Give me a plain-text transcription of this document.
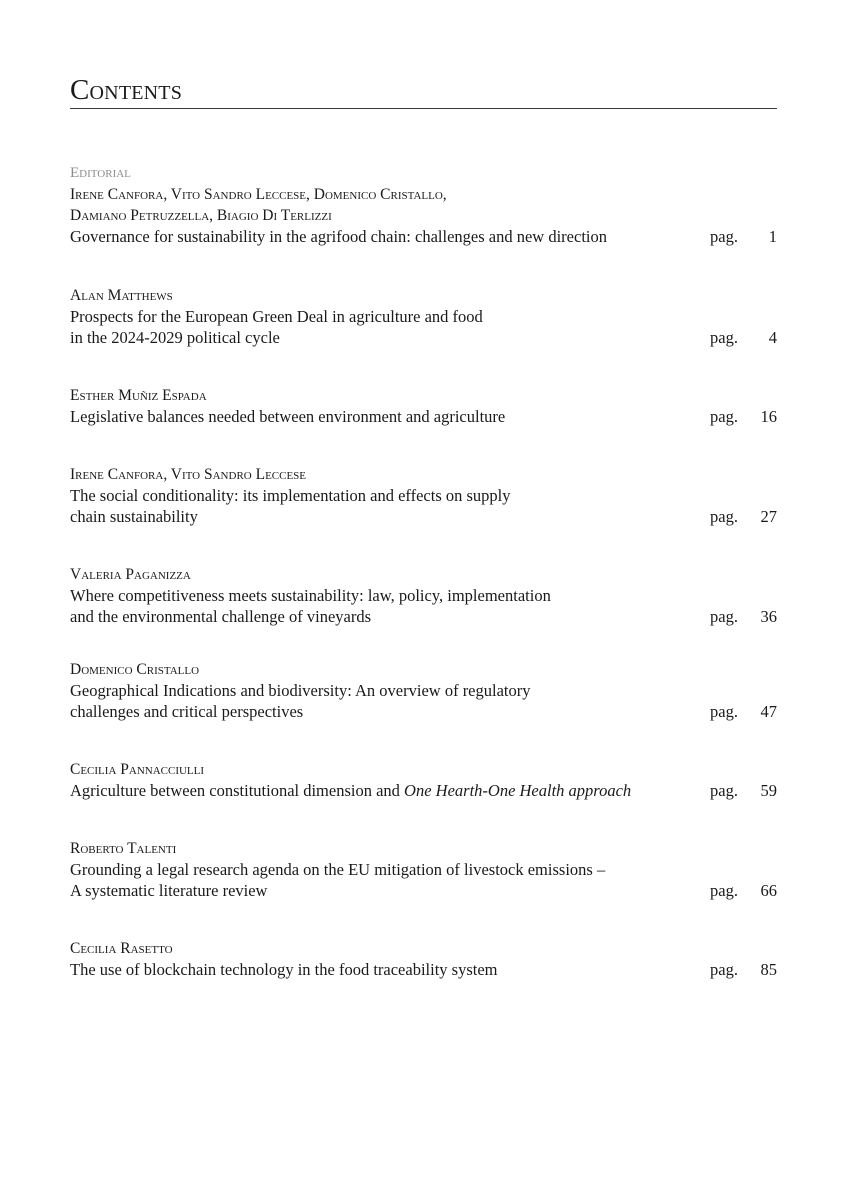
Contents
Editorial
Irene Canfora, Vito Sandro Leccese, Domenico Cristallo,
Damiano Petruzzella, Biagio Di Terlizzi
Governance for sustainability in the agrifood chain: challenges and new direction	pag. 1
Alan Matthews
Prospects for the European Green Deal in agriculture and food
in the 2024-2029 political cycle	pag. 4
Esther Muñiz Espada
Legislative balances needed between environment and agriculture	pag. 16
Irene Canfora, Vito Sandro Leccese
The social conditionality: its implementation and effects on supply
chain sustainability	pag. 27
Valeria Paganizza
Where competitiveness meets sustainability: law, policy, implementation
and the environmental challenge of vineyards	pag. 36
Domenico Cristallo
Geographical Indications and biodiversity: An overview of regulatory
challenges and critical perspectives	pag. 47
Cecilia Pannacciulli
Agriculture between constitutional dimension and One Hearth-One Health approach	pag. 59
Roberto Talenti
Grounding a legal research agenda on the EU mitigation of livestock emissions –
A systematic literature review	pag. 66
Cecilia Rasetto
The use of blockchain technology in the food traceability system	pag. 85
